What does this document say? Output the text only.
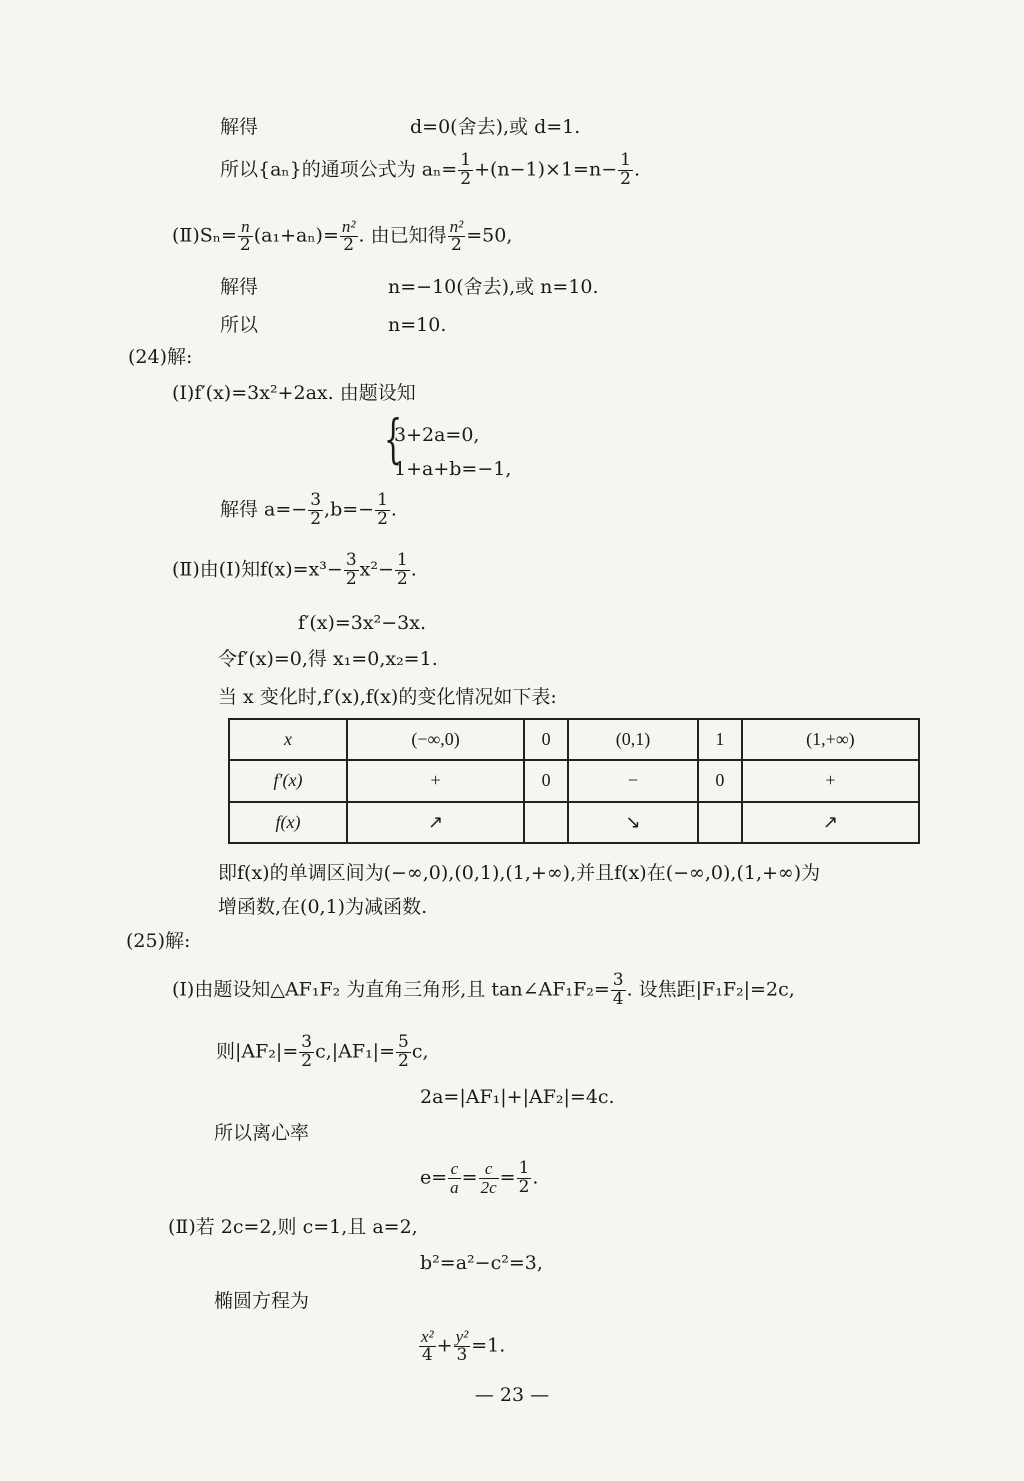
解得	d=0(舍去),或 d=1.
所以{aₙ}的通项公式为 $a_n= \frac{1}{2} +(n-1)\times 1=n- \frac{1}{2}$ .
(Ⅱ)Sₙ= $\frac{n}{2} (a_1+a_n)= \frac{\text{n²}}{2}$ . 由已知得 $\frac{\text{n²}}{2} =50$,
解得	n=−10(舍去),或 n=10.
所以	n=10.
(24)解:
(Ⅰ)f′(x)=3x²+2ax. 由题设知
{
3+2a=0,
1+a+b=−1,
解得 $a=- \frac{3}{2} ,b=- \frac{1}{2}$ .
(Ⅱ)由(Ⅰ)知$f(x)=x^3- \frac{3}{2} x^2- \frac{1}{2}$ .
f′(x)=3x²−3x.
令f′(x)=0,得 x₁=0,x₂=1.
当 x 变化时,f′(x),f(x)的变化情况如下表:
x	(−∞,0)	0	(0,1)	1	(1,+∞)
f′(x)	+	0	−	0	+
f(x)	↗		↘		↗
即f(x)的单调区间为(−∞,0),(0,1),(1,+∞),并且f(x)在(−∞,0),(1,+∞)为
增函数,在(0,1)为减函数.
(25)解:
(Ⅰ)由题设知△AF₁F₂ 为直角三角形,且 tan∠AF₁F₂= $\frac{3}{4}$ . 设焦距|F₁F₂|=2c,
则$|AF_2|= \frac{3}{2} c,|AF_1|= \frac{5}{2} c$,
2a=|AF₁|+|AF₂|=4c.
所以离心率
$e= \frac{c}{a} = \frac{c}{2c} = \frac{1}{2}$ .
(Ⅱ)若 2c=2,则 c=1,且 a=2,
b²=a²−c²=3,
椭圆方程为
$\frac{\text{x²}}{4} + \frac{\text{y²}}{3} =1$.
— 23 —
